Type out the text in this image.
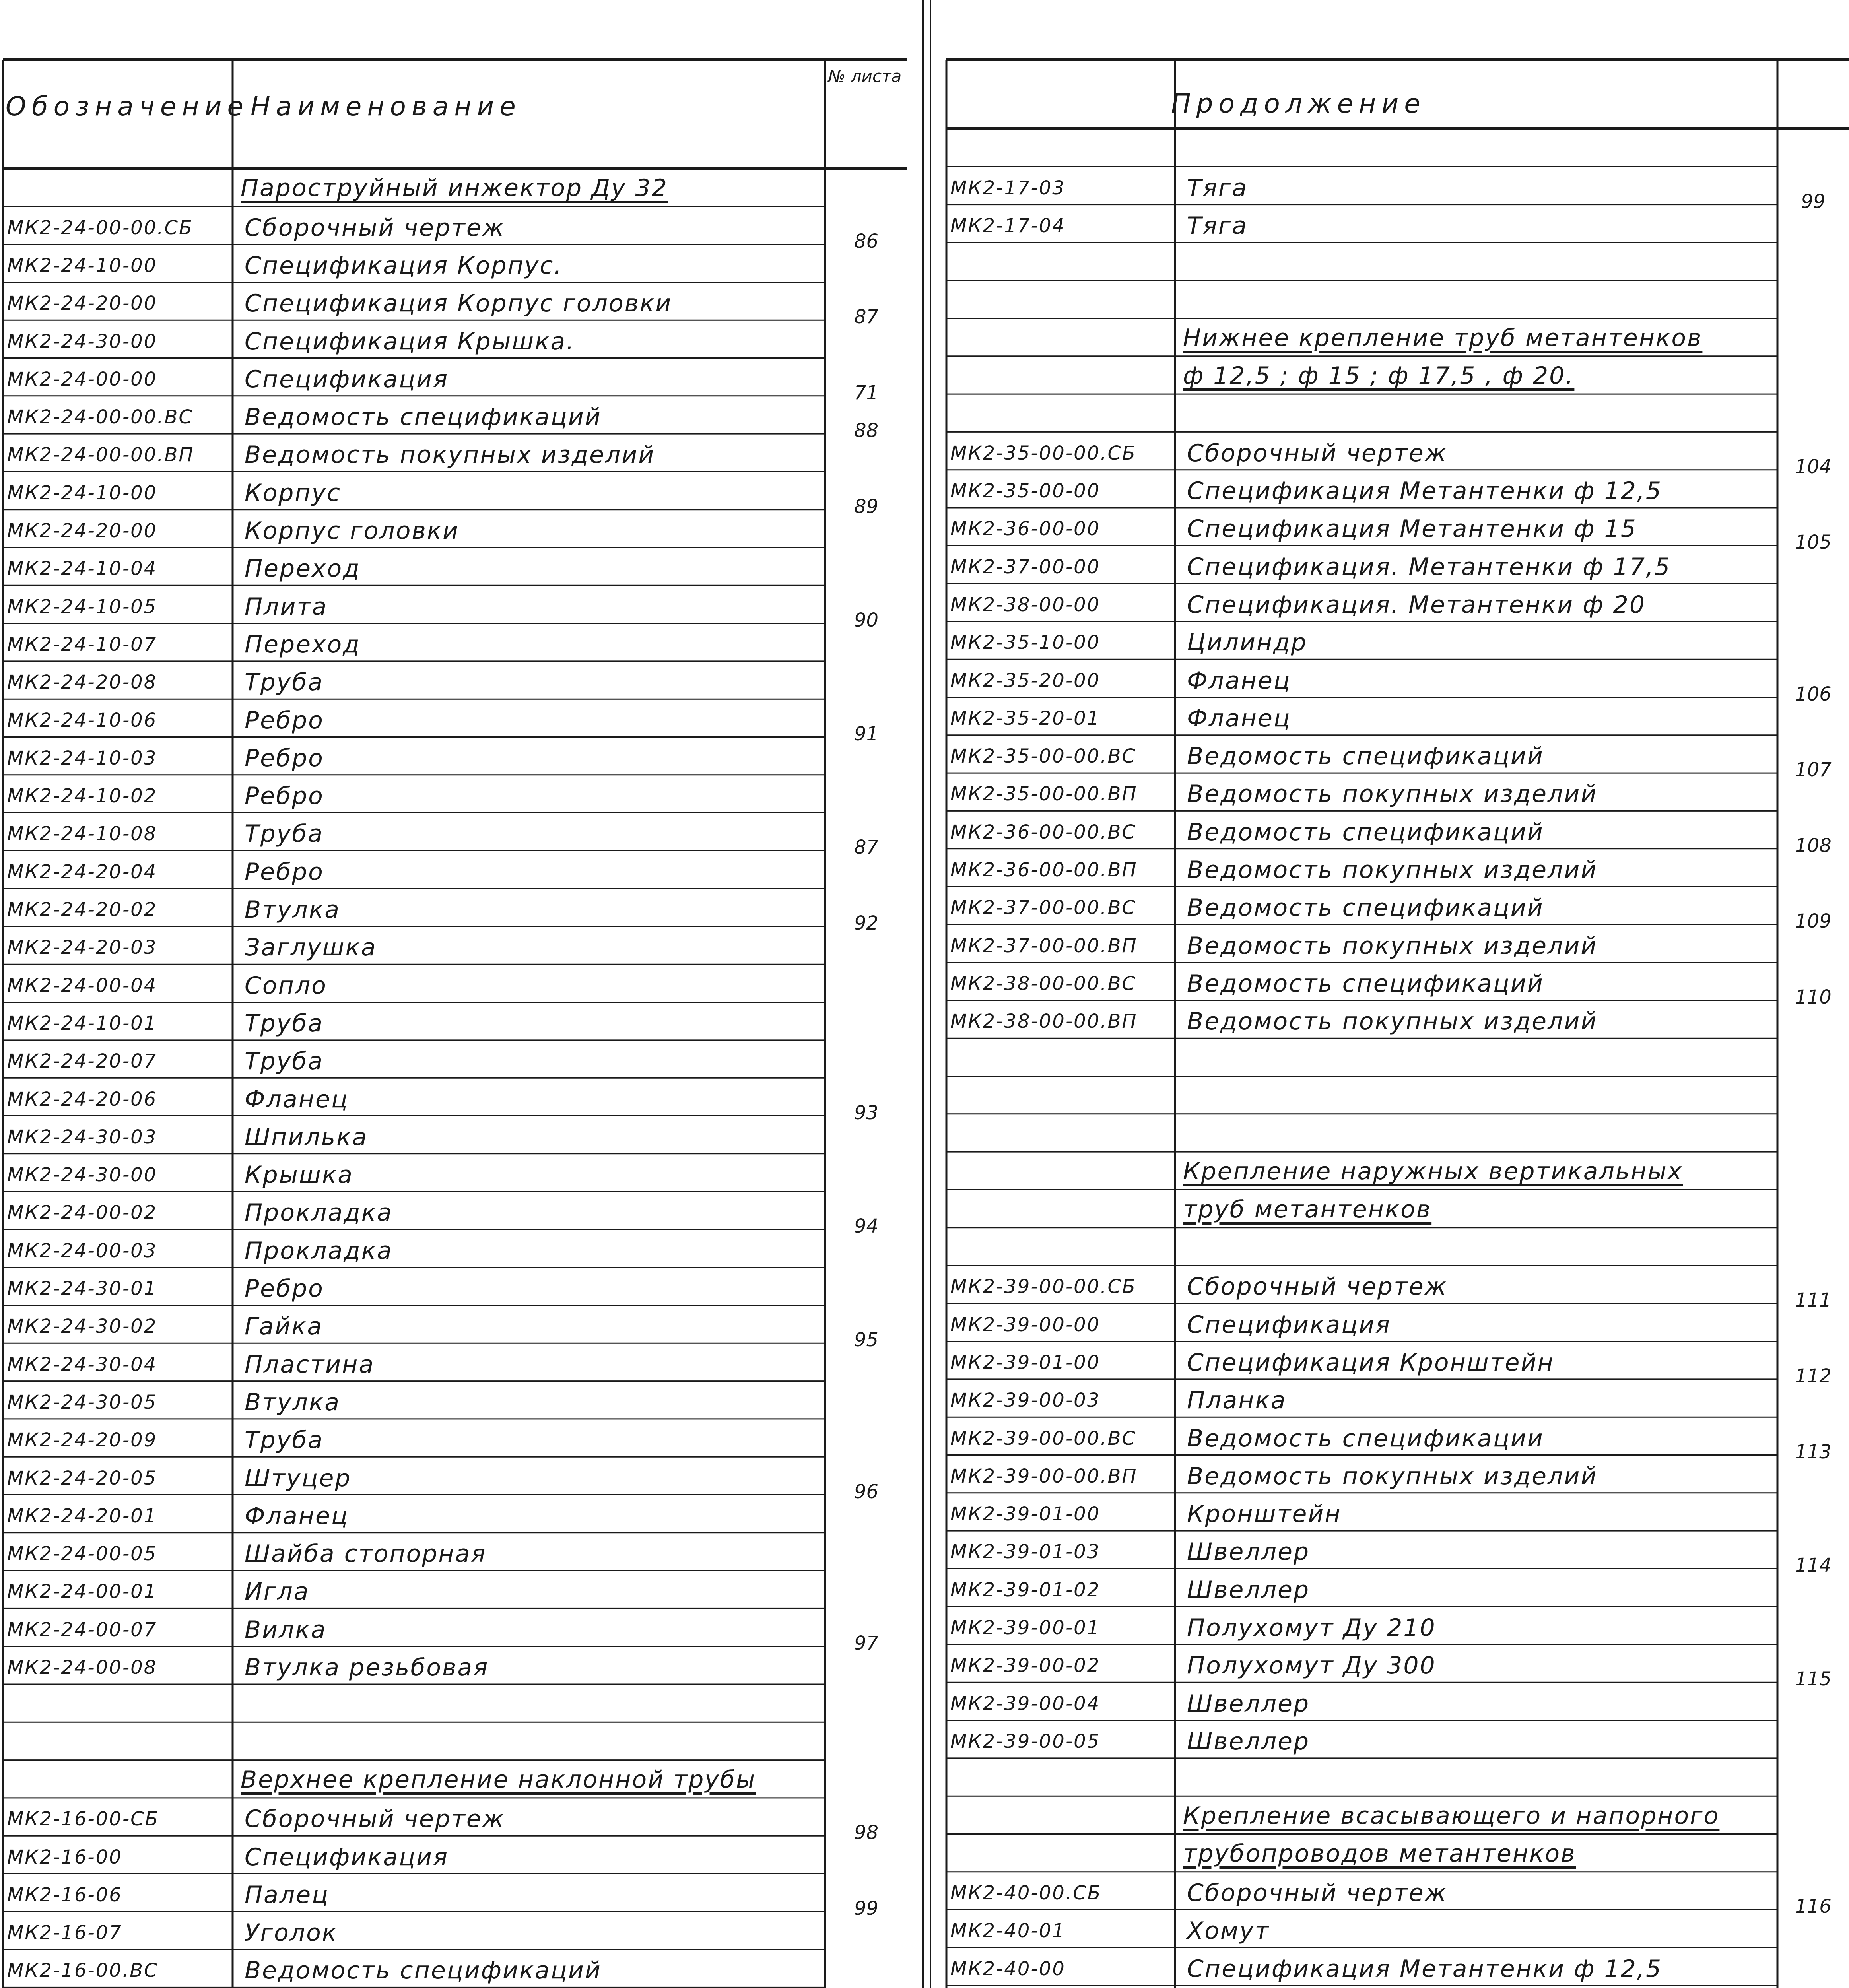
Обозначение Наименование
№ листа
Пароструйный инжектор Ду 32
МК2-24-00-00.СБ Сборочный чертеж	86
МК2-24-10-00	Спецификация Корпус.
МК2-24-20-00	Спецификация Корпус головки	87
МК2-24-30-00	Спецификация Крышка.
МК2-24-00-00	Спецификация	71
МК2-24-00-00.ВС Ведомость спецификаций	88
МК2-24-00-00.ВП Ведомость покупных изделий
МК2-24-10-00	Корпус	89
МК2-24-20-00	Корпус головки
МК2-24-10-04	Переход
МК2-24-10-05	Плита	90
МК2-24-10-07	Переход
МК2-24-20-08	Труба
МК2-24-10-06	Ребро	91
МК2-24-10-03	Ребро
МК2-24-10-02	Ребро
МК2-24-10-08	Труба	87
МК2-24-20-04	Ребро
МК2-24-20-02	Втулка	92
МК2-24-20-03	Заглушка
МК2-24-00-04	Сопло
МК2-24-10-01	Труба
МК2-24-20-07	Труба
МК2-24-20-06	Фланец	93
МК2-24-30-03	Шпилька
МК2-24-30-00	Крышка
МК2-24-00-02	Прокладка	94
МК2-24-00-03	Прокладка
МК2-24-30-01	Ребро
МК2-24-30-02	Гайка	95
МК2-24-30-04	Пластина
МК2-24-30-05	Втулка
МК2-24-20-09	Труба
МК2-24-20-05	Штуцер	96
МК2-24-20-01	Фланец
МК2-24-00-05	Шайба стопорная
МК2-24-00-01	Игла
МК2-24-00-07	Вилка	97
МК2-24-00-08	Втулка резьбовая
Верхнее крепление наклонной трубы
МК2-16-00-СБ	Сборочный чертеж	98
МК2-16-00	Спецификация
МК2-16-06	Палец	99
МК2-16-07	Уголок
МК2-16-00.ВС	Ведомость спецификаций
Продолжение
МК2-17-03	Тяга	99
МК2-17-04	Тяга
Нижнее крепление труб метантенков
ф 12,5 ; ф 15 ; ф 17,5 , ф 20.
МК2-35-00-00.СБ Сборочный чертеж	104
МК2-35-00-00	Спецификация Метантенки ф 12,5
МК2-36-00-00	Спецификация Метантенки ф 15	105
МК2-37-00-00	Спецификация. Метантенки ф 17,5
МК2-38-00-00	Спецификация. Метантенки ф 20
МК2-35-10-00	Цилиндр
МК2-35-20-00	Фланец	106
МК2-35-20-01	Фланец
МК2-35-00-00.ВС Ведомость спецификаций	107
МК2-35-00-00.ВП Ведомость покупных изделий
МК2-36-00-00.ВС Ведомость спецификаций	108
МК2-36-00-00.ВП Ведомость покупных изделий
МК2-37-00-00.ВС Ведомость спецификаций	109
МК2-37-00-00.ВП Ведомость покупных изделий
МК2-38-00-00.ВС Ведомость спецификаций	110
МК2-38-00-00.ВП Ведомость покупных изделий
Крепление наружных вертикальных
труб метантенков
МК2-39-00-00.СБ Сборочный чертеж	111
МК2-39-00-00	Спецификация
МК2-39-01-00	Спецификация Кронштейн	112
МК2-39-00-03	Планка
МК2-39-00-00.ВС Ведомость спецификации	113
МК2-39-00-00.ВП Ведомость покупных изделий
МК2-39-01-00	Кронштейн
МК2-39-01-03	Швеллер	114
МК2-39-01-02	Швеллер
МК2-39-00-01	Полухомут Ду 210
МК2-39-00-02	Полухомут Ду 300	115
МК2-39-00-04	Швеллер
МК2-39-00-05	Швеллер
Крепление всасывающего и напорного
трубопроводов метантенков
МК2-40-00.СБ	Сборочный чертеж	116
МК2-40-01	Хомут
МК2-40-00	Спецификация Метантенки ф 12,5
